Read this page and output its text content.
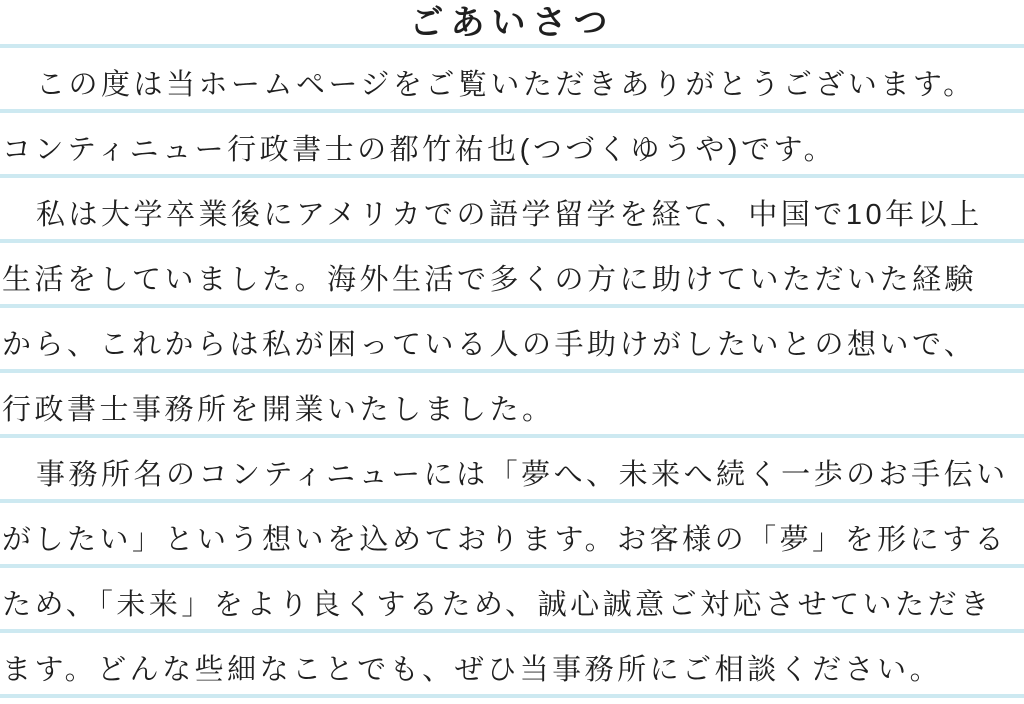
ごあいさつ
この度は当ホームページをご覧いただきありがとうございます。
コンティニュー行政書士の都竹祐也(つづくゆうや)です。
私は大学卒業後にアメリカでの語学留学を経て、中国で10年以上
生活をしていました。海外生活で多くの方に助けていただいた経験
から、これからは私が困っている人の手助けがしたいとの想いで、
行政書士事務所を開業いたしました。
事務所名のコンティニューには「夢へ、未来へ続く一歩のお手伝い
がしたい」という想いを込めております。お客様の「夢」を形にする
ため、「未来」をより良くするため、誠心誠意ご対応させていただき
ます。どんな些細なことでも、ぜひ当事務所にご相談ください。
